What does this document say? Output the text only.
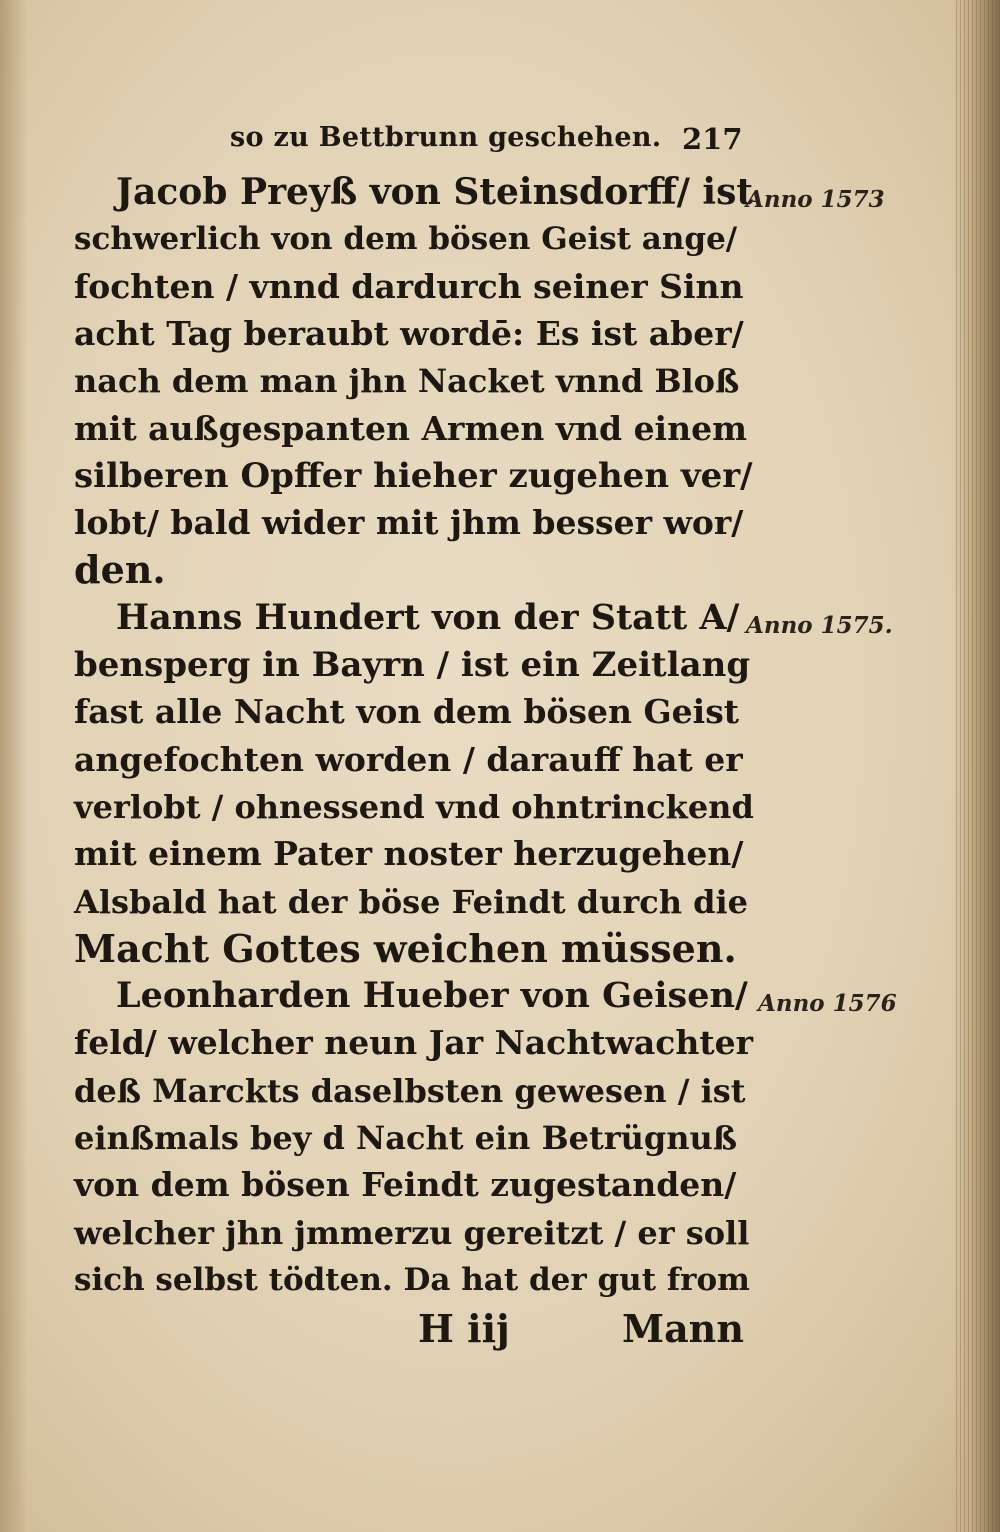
so zu Bettbrunn geschehen. 217
Jacob Preyß von Steinsdorff/ ist
schwerlich von dem bösen Geist ange/
fochten / vnnd dardurch seiner Sinn
acht Tag beraubt wordē: Es ist aber/
nach dem man jhn Nacket vnnd Bloß
mit außgespanten Armen vnd einem
silberen Opffer hieher zugehen ver/
lobt/ bald wider mit jhm besser wor/
den.
Hanns Hundert von der Statt A/
bensperg in Bayrn / ist ein Zeitlang
fast alle Nacht von dem bösen Geist
angefochten worden / darauff hat er
verlobt / ohnessend vnd ohntrinckend
mit einem Pater noster herzugehen/
Alsbald hat der böse Feindt durch die
Macht Gottes weichen müssen.
Leonharden Hueber von Geisen/
feld/ welcher neun Jar Nachtwachter
deß Marckts daselbsten gewesen / ist
einßmals bey d Nacht ein Betrügnuß
von dem bösen Feindt zugestanden/
welcher jhn jmmerzu gereitzt / er soll
sich selbst tödten. Da hat der gut from
Anno 1573
Anno 1575.
Anno 1576
H iij	Mann
